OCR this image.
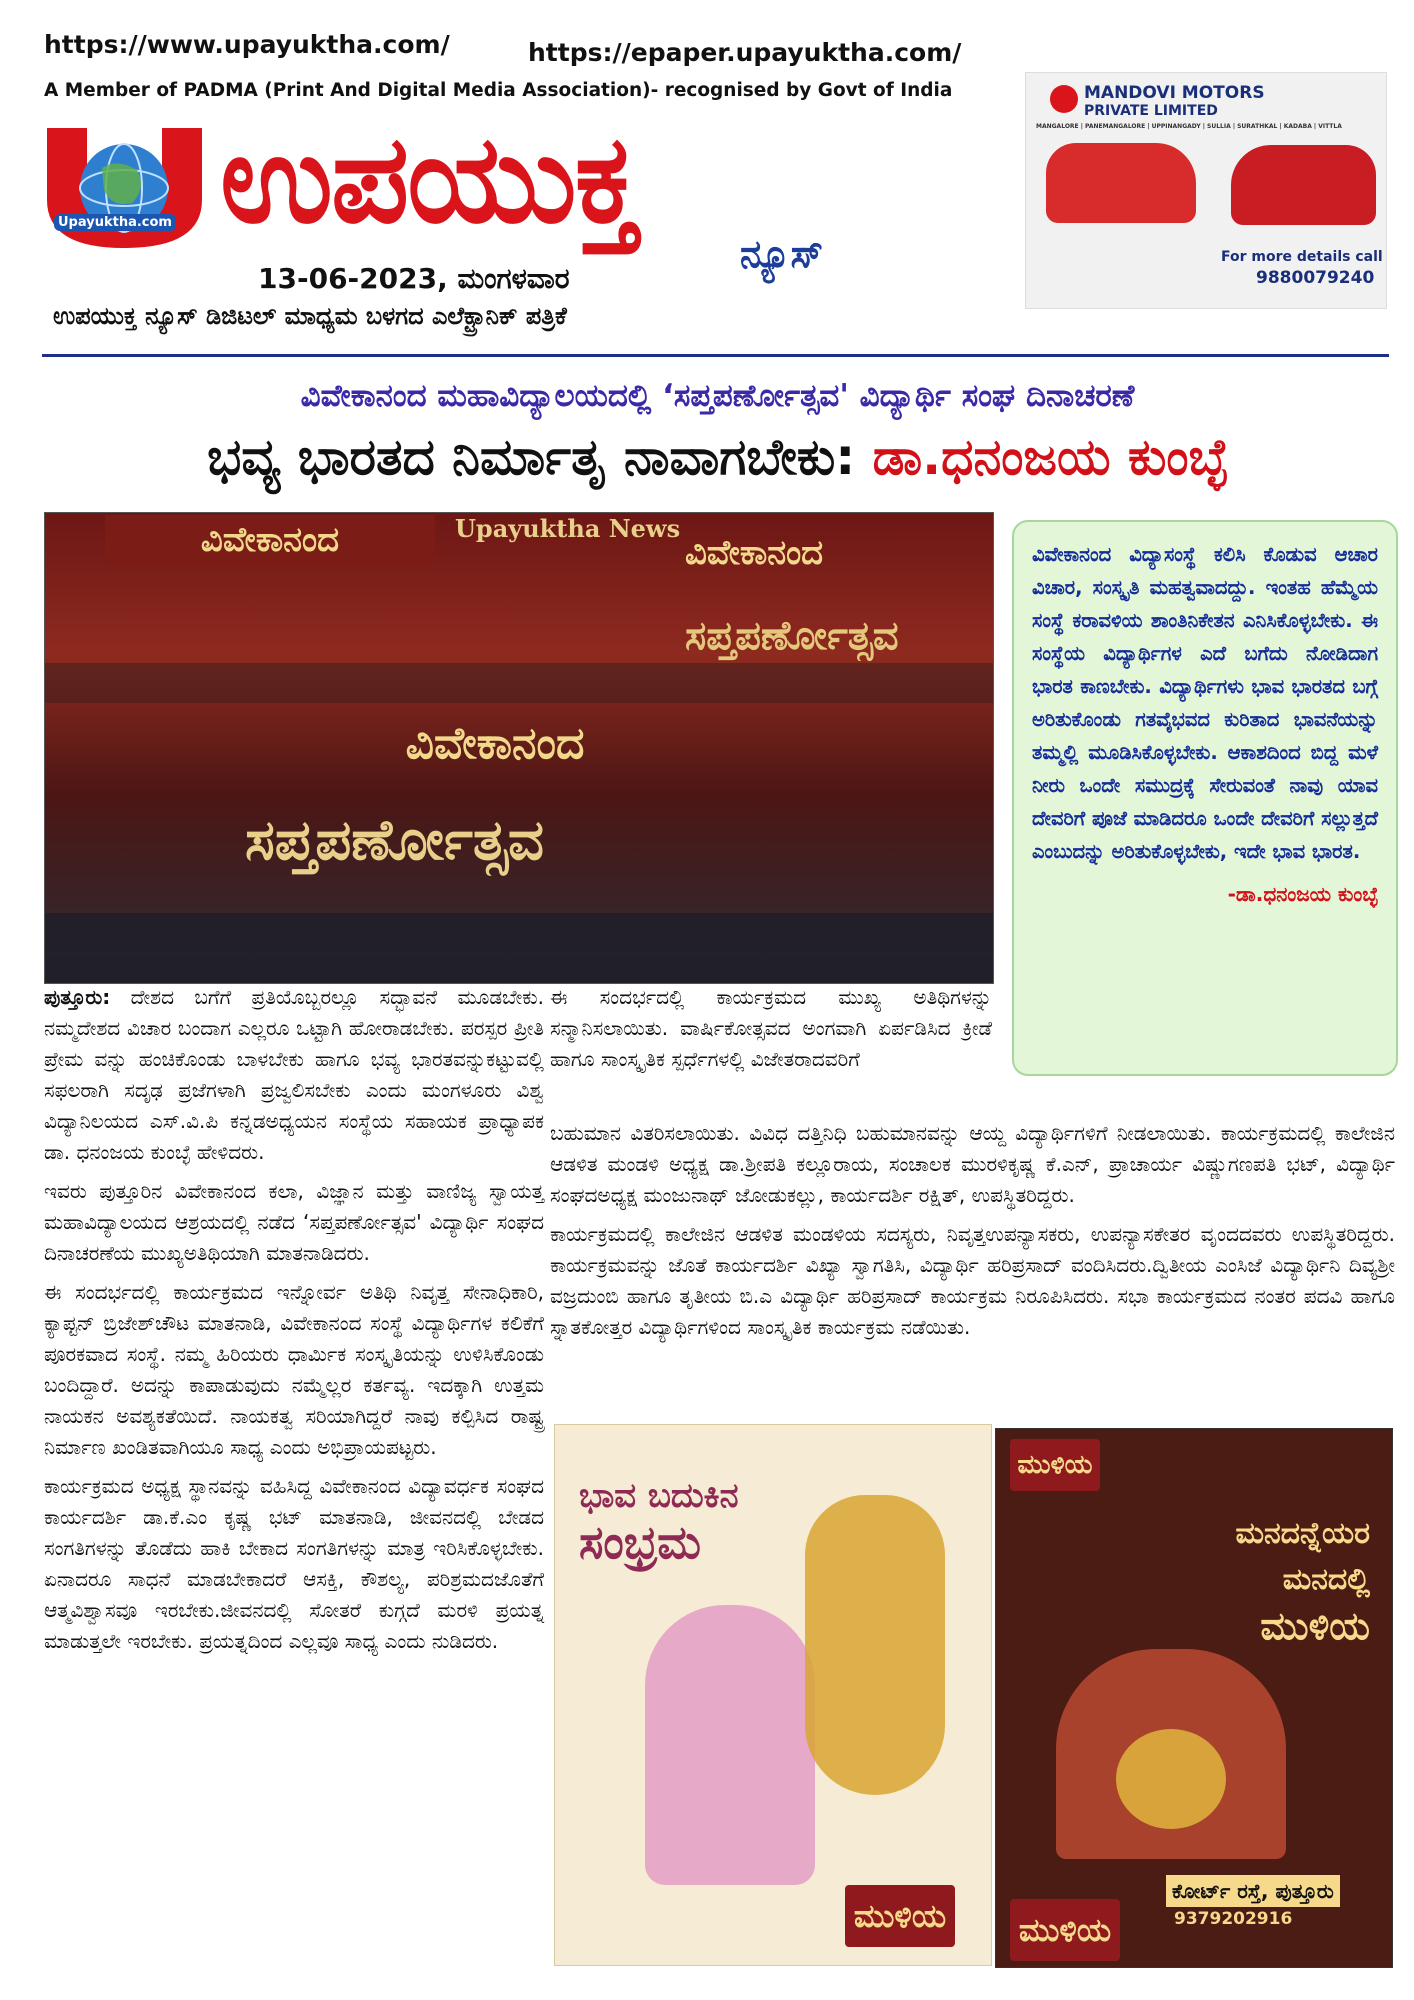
https://www.upayuktha.com/	https://epaper.upayuktha.com/
A Member of PADMA (Print And Digital Media Association)- recognised by Govt of India
Upayuktha.com ಉಪಯುಕ್ತ
ನ್ಯೂಸ್
13-06-2023, ಮಂಗಳವಾರ
ಉಪಯುಕ್ತ ನ್ಯೂಸ್ ಡಿಜಿಟಲ್ ಮಾಧ್ಯಮ ಬಳಗದ ಎಲೆಕ್ಟ್ರಾನಿಕ್ ಪತ್ರಿಕೆ
MANDOVI MOTORS
PRIVATE LIMITED
MANGALORE | PANEMANGALORE | UPPINANGADY | SULLIA | SURATHKAL | KADABA | VITTLA
For more details call
9880079240
ವಿವೇಕಾನಂದ ಮಹಾವಿದ್ಯಾಲಯದಲ್ಲಿ ‘ಸಪ್ತಪರ್ಣೋತ್ಸವ' ವಿದ್ಯಾರ್ಥಿ ಸಂಘ ದಿನಾಚರಣೆ
ಭವ್ಯ ಭಾರತದ ನಿರ್ಮಾತೃ ನಾವಾಗಬೇಕು: ಡಾ.ಧನಂಜಯ ಕುಂಬ್ಳೆ
ವಿವೇಕಾನಂದ	ವಿವೇಕಾನಂದ
ಸಪ್ತಪರ್ಣೋತ್ಸವ
ವಿವೇಕಾನಂದ
ಸಪ್ತಪರ್ಣೋತ್ಸವ
Upayuktha News
ವಿವೇಕಾನಂದ ವಿದ್ಯಾಸಂಸ್ಥೆ ಕಲಿಸಿ ಕೊಡುವ ಆಚಾರ ವಿಚಾರ, ಸಂಸ್ಕೃತಿ ಮಹತ್ವವಾದದ್ದು. ಇಂತಹ ಹೆಮ್ಮೆಯ ಸಂಸ್ಥೆ ಕರಾವಳಿಯ ಶಾಂತಿನಿಕೇತನ ಎನಿಸಿಕೊಳ್ಳಬೇಕು. ಈ ಸಂಸ್ಥೆಯ ವಿದ್ಯಾರ್ಥಿಗಳ ಎದೆ ಬಗೆದು ನೋಡಿದಾಗ ಭಾರತ ಕಾಣಬೇಕು. ವಿದ್ಯಾರ್ಥಿಗಳು ಭಾವ ಭಾರತದ ಬಗ್ಗೆ ಅರಿತುಕೊಂಡು ಗತವೈಭವದ ಕುರಿತಾದ ಭಾವನೆಯನ್ನು ತಮ್ಮಲ್ಲಿ ಮೂಡಿಸಿಕೊಳ್ಳಬೇಕು. ಆಕಾಶದಿಂದ ಬಿದ್ದ ಮಳೆ ನೀರು ಒಂದೇ ಸಮುದ್ರಕ್ಕೆ ಸೇರುವಂತೆ ನಾವು ಯಾವ ದೇವರಿಗೆ ಪೂಜೆ ಮಾಡಿದರೂ ಒಂದೇ ದೇವರಿಗೆ ಸಲ್ಲುತ್ತದೆ ಎಂಬುದನ್ನು ಅರಿತುಕೊಳ್ಳಬೇಕು, ಇದೇ ಭಾವ ಭಾರತ.
-ಡಾ.ಧನಂಜಯ ಕುಂಬ್ಳೆ

ಪುತ್ತೂರು: ದೇಶದ ಬಗೆಗೆ ಪ್ರತಿಯೊಬ್ಬರಲ್ಲೂ ಸದ್ಭಾವನೆ ಮೂಡಬೇಕು. ನಮ್ಮದೇಶದ ವಿಚಾರ ಬಂದಾಗ ಎಲ್ಲರೂ ಒಟ್ಟಾಗಿ ಹೋರಾಡಬೇಕು. ಪರಸ್ಪರ ಪ್ರೀತಿ ಪ್ರೇಮ ವನ್ನು ಹಂಚಿಕೊಂಡು ಬಾಳಬೇಕು ಹಾಗೂ ಭವ್ಯ ಭಾರತವನ್ನುಕಟ್ಟುವಲ್ಲಿ ಸಫಲರಾಗಿ ಸದೃಢ ಪ್ರಜೆಗಳಾಗಿ ಪ್ರಜ್ವಲಿಸಬೇಕು ಎಂದು ಮಂಗಳೂರು ವಿಶ್ವ ವಿದ್ಯಾನಿಲಯದ ಎಸ್.ವಿ.ಪಿ ಕನ್ನಡಅಧ್ಯಯನ ಸಂಸ್ಥೆಯ ಸಹಾಯಕ ಪ್ರಾಧ್ಯಾಪಕ ಡಾ. ಧನಂಜಯ ಕುಂಬ್ಳೆ ಹೇಳಿದರು.

ಇವರು ಪುತ್ತೂರಿನ ವಿವೇಕಾನಂದ ಕಲಾ, ವಿಜ್ಞಾನ ಮತ್ತು ವಾಣಿಜ್ಯ ಸ್ವಾಯತ್ತ ಮಹಾವಿದ್ಯಾಲಯದ ಆಶ್ರಯದಲ್ಲಿ ನಡೆದ ‘ಸಪ್ತಪರ್ಣೋತ್ಸವ' ವಿದ್ಯಾರ್ಥಿ ಸಂಘದ ದಿನಾಚರಣೆಯ ಮುಖ್ಯಅತಿಥಿಯಾಗಿ ಮಾತನಾಡಿದರು.

ಈ ಸಂದರ್ಭದಲ್ಲಿ ಕಾರ್ಯಕ್ರಮದ ಇನ್ನೋರ್ವ ಅತಿಥಿ ನಿವೃತ್ತ ಸೇನಾಧಿಕಾರಿ, ಕ್ಯಾಪ್ಟನ್ ಬ್ರಿಜೇಶ್‌ಚೌಟ ಮಾತನಾಡಿ, ವಿವೇಕಾನಂದ ಸಂಸ್ಥೆ ವಿದ್ಯಾರ್ಥಿಗಳ ಕಲಿಕೆಗೆ ಪೂರಕವಾದ ಸಂಸ್ಥೆ. ನಮ್ಮ ಹಿರಿಯರು ಧಾರ್ಮಿಕ ಸಂಸ್ಕೃತಿಯನ್ನು ಉಳಿಸಿಕೊಂಡು ಬಂದಿದ್ದಾರೆ. ಅದನ್ನು ಕಾಪಾಡುವುದು ನಮ್ಮೆಲ್ಲರ ಕರ್ತವ್ಯ. ಇದಕ್ಕಾಗಿ ಉತ್ತಮ ನಾಯಕನ ಅವಶ್ಯಕತೆಯಿದೆ. ನಾಯಕತ್ವ ಸರಿಯಾಗಿದ್ದರೆ ನಾವು ಕಲ್ಪಿಸಿದ ರಾಷ್ಟ್ರ ನಿರ್ಮಾಣ ಖಂಡಿತವಾಗಿಯೂ ಸಾಧ್ಯ ಎಂದು ಅಭಿಪ್ರಾಯಪಟ್ಟರು.

ಕಾರ್ಯಕ್ರಮದ ಅಧ್ಯಕ್ಷ ಸ್ಥಾನವನ್ನು ವಹಿಸಿದ್ದ ವಿವೇಕಾನಂದ ವಿದ್ಯಾವರ್ಧಕ ಸಂಘದ ಕಾರ್ಯದರ್ಶಿ ಡಾ.ಕೆ.ಎಂ ಕೃಷ್ಣ ಭಟ್ ಮಾತನಾಡಿ, ಜೀವನದಲ್ಲಿ ಬೇಡದ ಸಂಗತಿಗಳನ್ನು ತೊಡೆದು ಹಾಕಿ ಬೇಕಾದ ಸಂಗತಿಗಳನ್ನು ಮಾತ್ರ ಇರಿಸಿಕೊಳ್ಳಬೇಕು. ಏನಾದರೂ ಸಾಧನೆ ಮಾಡಬೇಕಾದರೆ ಆಸಕ್ತಿ, ಕೌಶಲ್ಯ, ಪರಿಶ್ರಮದಜೊತೆಗೆ ಆತ್ಮವಿಶ್ವಾಸವೂ ಇರಬೇಕು.ಜೀವನದಲ್ಲಿ ಸೋತರೆ ಕುಗ್ಗದೆ ಮರಳಿ ಪ್ರಯತ್ನ ಮಾಡುತ್ತಲೇ ಇರಬೇಕು. ಪ್ರಯತ್ನದಿಂದ ಎಲ್ಲವೂ ಸಾಧ್ಯ ಎಂದು ನುಡಿದರು.

ಈ ಸಂದರ್ಭದಲ್ಲಿ ಕಾರ್ಯಕ್ರಮದ ಮುಖ್ಯ ಅತಿಥಿಗಳನ್ನು ಸನ್ಮಾನಿಸಲಾಯಿತು. ವಾರ್ಷಿಕೋತ್ಸವದ ಅಂಗವಾಗಿ ಏರ್ಪಡಿಸಿದ ಕ್ರೀಡೆ ಹಾಗೂ ಸಾಂಸ್ಕೃತಿಕ ಸ್ಪರ್ಧೆಗಳಲ್ಲಿ ವಿಜೇತರಾದವರಿಗೆ

ಬಹುಮಾನ ವಿತರಿಸಲಾಯಿತು. ವಿವಿಧ ದತ್ತಿನಿಧಿ ಬಹುಮಾನವನ್ನು ಆಯ್ದ ವಿದ್ಯಾರ್ಥಿಗಳಿಗೆ ನೀಡಲಾಯಿತು. ಕಾರ್ಯಕ್ರಮದಲ್ಲಿ ಕಾಲೇಜಿನ ಆಡಳಿತ ಮಂಡಳಿ ಅಧ್ಯಕ್ಷ ಡಾ.ಶ್ರೀಪತಿ ಕಲ್ಲೂರಾಯ, ಸಂಚಾಲಕ ಮುರಳಿಕೃಷ್ಣ ಕೆ.ಎನ್, ಪ್ರಾಚಾರ್ಯ ವಿಷ್ಣುಗಣಪತಿ ಭಟ್, ವಿದ್ಯಾರ್ಥಿ ಸಂಘದಅಧ್ಯಕ್ಷ ಮಂಜುನಾಥ್ ಜೋಡುಕಲ್ಲು, ಕಾರ್ಯದರ್ಶಿ ರಕ್ಷಿತ್, ಉಪಸ್ಥಿತರಿದ್ದರು.

ಕಾರ್ಯಕ್ರಮದಲ್ಲಿ ಕಾಲೇಜಿನ ಆಡಳಿತ ಮಂಡಳಿಯ ಸದಸ್ಯರು, ನಿವೃತ್ತಉಪನ್ಯಾಸಕರು, ಉಪನ್ಯಾಸಕೇತರ ವೃಂದದವರು ಉಪಸ್ಥಿತರಿದ್ದರು. ಕಾರ್ಯಕ್ರಮವನ್ನು ಜೊತೆ ಕಾರ್ಯದರ್ಶಿ ವಿಖ್ಯಾ ಸ್ವಾಗತಿಸಿ, ವಿದ್ಯಾರ್ಥಿ ಹರಿಪ್ರಸಾದ್ ವಂದಿಸಿದರು.ದ್ವಿತೀಯ ಎಂಸಿಜೆ ವಿದ್ಯಾರ್ಥಿನಿ ದಿವ್ಯಶ್ರೀ ವಜ್ರದುಂಬಿ ಹಾಗೂ ತೃತೀಯ ಬಿ.ಎ ವಿದ್ಯಾರ್ಥಿ ಹರಿಪ್ರಸಾದ್ ಕಾರ್ಯಕ್ರಮ ನಿರೂಪಿಸಿದರು. ಸಭಾ ಕಾರ್ಯಕ್ರಮದ ನಂತರ ಪದವಿ ಹಾಗೂ ಸ್ನಾತಕೋತ್ತರ ವಿದ್ಯಾರ್ಥಿಗಳಿಂದ ಸಾಂಸ್ಕೃತಿಕ ಕಾರ್ಯಕ್ರಮ ನಡೆಯಿತು.

ಭಾವ ಬದುಕಿನ
ಸಂಭ್ರಮ
ಮುಳಿಯ
ಮುಳಿಯ
ಮನದನ್ನೆಯರ
ಮನದಲ್ಲಿ
ಮುಳಿಯ
ಕೋರ್ಟ್ ರಸ್ತೆ, ಪುತ್ತೂರು
9379202916
ಮುಳಿಯ
